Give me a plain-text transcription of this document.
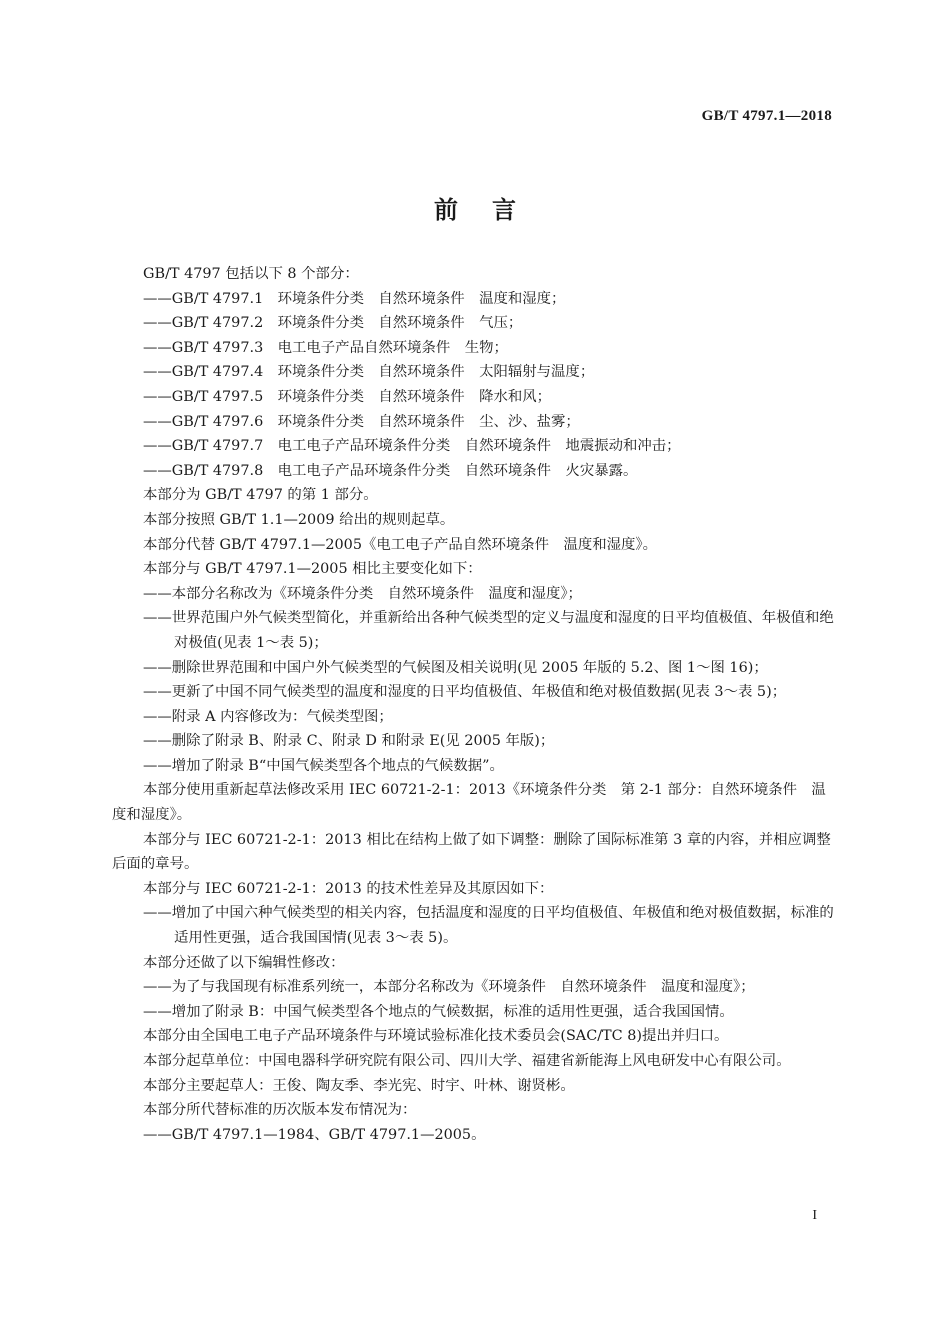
GB/T 4797.1—2018
前言

GB/T 4797 包括以下 8 个部分：

——GB/T 4797.1　环境条件分类　自然环境条件　温度和湿度；

——GB/T 4797.2　环境条件分类　自然环境条件　气压；

——GB/T 4797.3　电工电子产品自然环境条件　生物；

——GB/T 4797.4　环境条件分类　自然环境条件　太阳辐射与温度；

——GB/T 4797.5　环境条件分类　自然环境条件　降水和风；

——GB/T 4797.6　环境条件分类　自然环境条件　尘、沙、盐雾；

——GB/T 4797.7　电工电子产品环境条件分类　自然环境条件　地震振动和冲击；

——GB/T 4797.8　电工电子产品环境条件分类　自然环境条件　火灾暴露。

本部分为 GB/T 4797 的第 1 部分。

本部分按照 GB/T 1.1—2009 给出的规则起草。

本部分代替 GB/T 4797.1—2005《电工电子产品自然环境条件　温度和湿度》。

本部分与 GB/T 4797.1—2005 相比主要变化如下：

——本部分名称改为《环境条件分类　自然环境条件　温度和湿度》；

——世界范围户外气候类型简化，并重新给出各种气候类型的定义与温度和湿度的日平均值极值、年极值和绝对极值(见表 1～表 5)；

——删除世界范围和中国户外气候类型的气候图及相关说明(见 2005 年版的 5.2、图 1～图 16)；

——更新了中国不同气候类型的温度和湿度的日平均值极值、年极值和绝对极值数据(见表 3～表 5)；

——附录 A 内容修改为：气候类型图；

——删除了附录 B、附录 C、附录 D 和附录 E(见 2005 年版)；

——增加了附录 B“中国气候类型各个地点的气候数据”。

本部分使用重新起草法修改采用 IEC 60721-2-1：2013《环境条件分类　第 2-1 部分：自然环境条件　温度和湿度》。

本部分与 IEC 60721-2-1：2013 相比在结构上做了如下调整：删除了国际标准第 3 章的内容，并相应调整后面的章号。

本部分与 IEC 60721-2-1：2013 的技术性差异及其原因如下：

——增加了中国六种气候类型的相关内容，包括温度和湿度的日平均值极值、年极值和绝对极值数据，标准的适用性更强，适合我国国情(见表 3～表 5)。

本部分还做了以下编辑性修改：

——为了与我国现有标准系列统一，本部分名称改为《环境条件　自然环境条件　温度和湿度》；

——增加了附录 B：中国气候类型各个地点的气候数据，标准的适用性更强，适合我国国情。

本部分由全国电工电子产品环境条件与环境试验标准化技术委员会(SAC/TC 8)提出并归口。

本部分起草单位：中国电器科学研究院有限公司、四川大学、福建省新能海上风电研发中心有限公司。

本部分主要起草人：王俊、陶友季、李光宪、时宇、叶林、谢贤彬。

本部分所代替标准的历次版本发布情况为：

——GB/T 4797.1—1984、GB/T 4797.1—2005。

I
